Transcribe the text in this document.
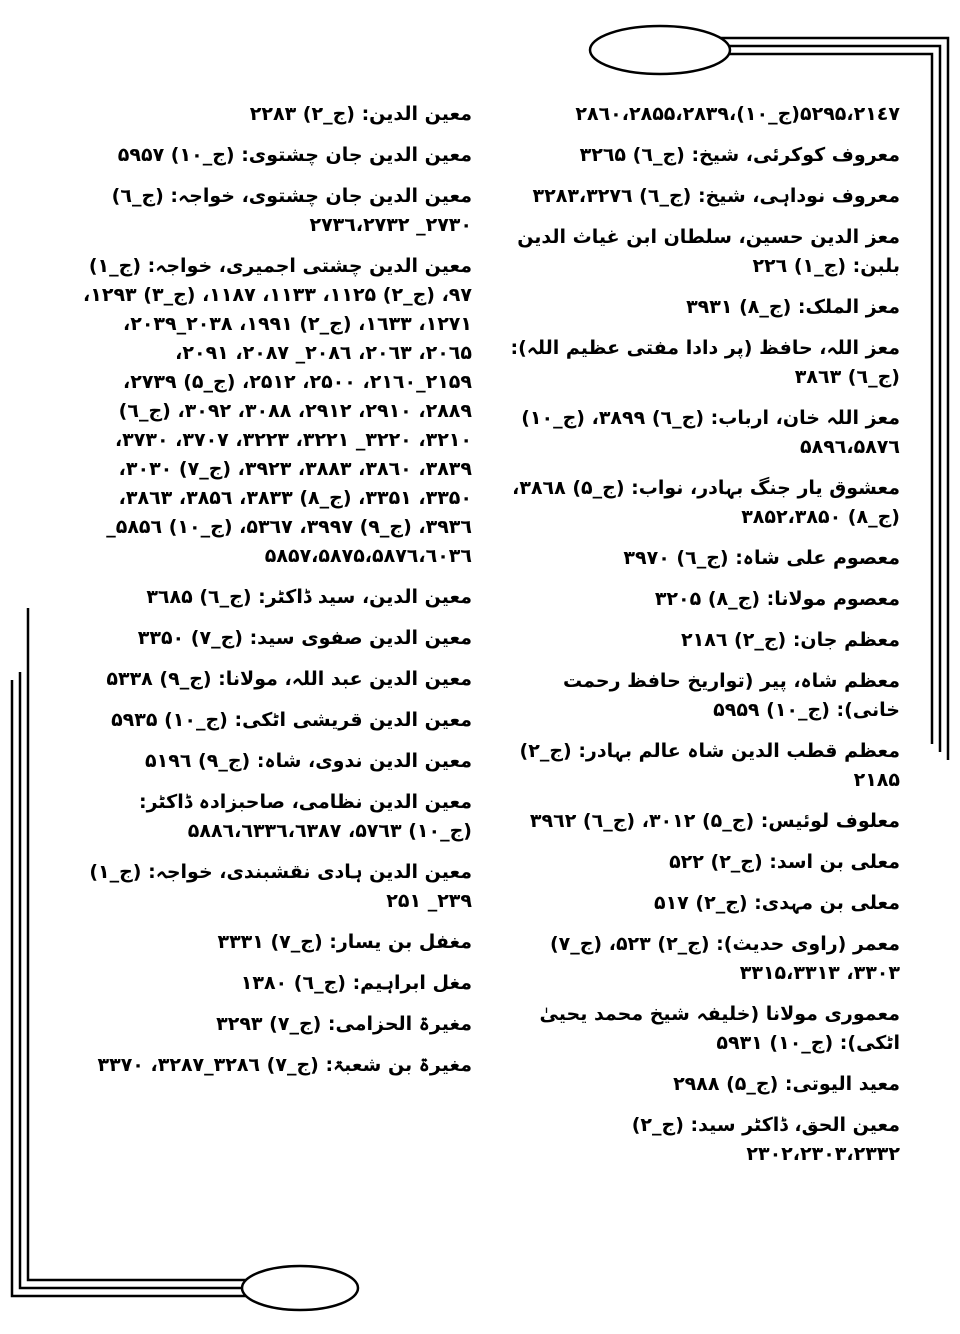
٢١٤٧،۵٢٩۵(ج_١٠)،٢٨٦٠،٢٨۵۵،٢٨٣٩

معروف کوکرئی، شیخ: (ج_٦) ٣٢٦۵

معروف نوداہی، شیخ: (ج_٦) ٣٢٨٣،٣٢٧٦

معز الدین حسین، سلطان ابن غیاث الدین بلبن: (ج_١) ٢٢٦

معز الملک: (ج_٨) ٣٩٣١

معز اللہ، حافظ (پر دادا مفتی عظیم اللہ): (ج_٦) ٣٨٦٣

معز اللہ خان، ارباب: (ج_٦) ٣٨٩٩، (ج_١٠) ۵٨٩٦،۵٨٧٦

معشوق یار جنگ بہادر، نواب: (ج_۵) ٣٨٦٨، (ج_٨) ٣٨۵٢،٣٨۵٠

معصوم علی شاہ: (ج_٦) ٣٩٧٠

معصوم مولانا: (ج_٨) ٣٢٠۵

معظم جان: (ج_٢) ٢١٨٦

معظم شاہ، پیر (تواریخ حافظ رحمت خانی): (ج_١٠) ۵٩۵٩

معظم قطب الدین شاہ عالم بہادر: (ج_٢) ٢١٨۵

معلوف لوئیس: (ج_۵) ٣٠١٢، (ج_٦) ٣٩٦٢

معلی بن اسد: (ج_٢) ۵٢٢

معلی بن مہدی: (ج_٢) ۵١٧

معمر (راوی حدیث): (ج_٢) ۵٢٣، (ج_٧) ٣٣٠٣، ٣٣١۵،٣٣١٣

معموری مولانا (خلیفہ شیخ محمد یحییٰ اٹکی): (ج_١٠) ۵٩٣١

معید الیوتی: (ج_۵) ٢٩٨٨

معین الحق، ڈاکٹر سید: (ج_٢) ٢٣٠٢،٢٣٠٣،٢٣٣٢

معین الدین: (ج_٢) ٢٢٨٣

معین الدین جان چشتوی: (ج_١٠) ۵٩۵٧

معین الدین جان چشتوی، خواجہ: (ج_٦) ٢٧٣٠_ ٢٧٣٦،٢٧٣٢

معین الدین چشتی اجمیری، خواجہ: (ج_١) ٩٧، (ج_٢) ١١٢۵، ١١٣٣، ١١٨٧، (ج_٣) ١٢٩٣، ١٢٧١، ١٦٣٣، (ج_٢) ١٩٩١، ٢٠٣٨_٢٠٣٩، ٢٠٦۵، ٢٠٦٣، ٢٠٨٦_ ٢٠٨٧، ٢٠٩١، ٢١۵٩_٢١٦٠، ٢۵٠٠، ٢۵١٢، (ج_۵) ٢٧٣٩، ٢٨٨٩، ٢٩١٠، ٢٩١٢، ٣٠٨٨، ٣٠٩٢، (ج_٦) ٣٢١٠، ٣٢٢٠_ ٣٢٢١، ٣٢٢٣، ٣٧٠٧، ٣٧٣٠، ٣٨٣٩، ٣٨٦٠، ٣٨٨٣، ٣٩٢٣، (ج_٧) ٣٠٣٠، ٣٣۵٠، ٣٣۵١، (ج_٨) ٣٨٣٣، ٣٨۵٦، ٣٨٦٣، ٣٩٣٦، (ج_٩) ٣٩٩٧، ۵٣٦٧، (ج_١٠) ۵٨۵٦_ ۵٨۵٧،۵٨٧۵،۵٨٧٦،٦٠٣٦

معین الدین، سید ڈاکٹر: (ج_٦) ٣٦٨۵

معین الدین صفوی سید: (ج_٧) ٣٣۵٠

معین الدین عبد اللہ، مولانا: (ج_٩) ۵٣٣٨

معین الدین قریشی اٹکی: (ج_١٠) ۵٩٣۵

معین الدین ندوی، شاہ: (ج_٩) ۵١٩٦

معین الدین نظامی، صاحبزادہ ڈاکٹر: (ج_١٠) ۵٧٦٣، ۵٨٨٦،٦٣٣٦،٦٣٨٧

معین الدین ہادی نقشبندی، خواجہ: (ج_١) ٢٣٩_ ٢۵١

مغفل بن یسار: (ج_٧) ٣٣٣١

مغل ابراہیم: (ج_٦) ١٣٨٠

مغیرۃ الحزامی: (ج_٧) ٣٢٩٣

مغیرۃ بن شعبۃ: (ج_٧) ٣٢٨٦_٣٢٨٧، ٣٣٧٠
